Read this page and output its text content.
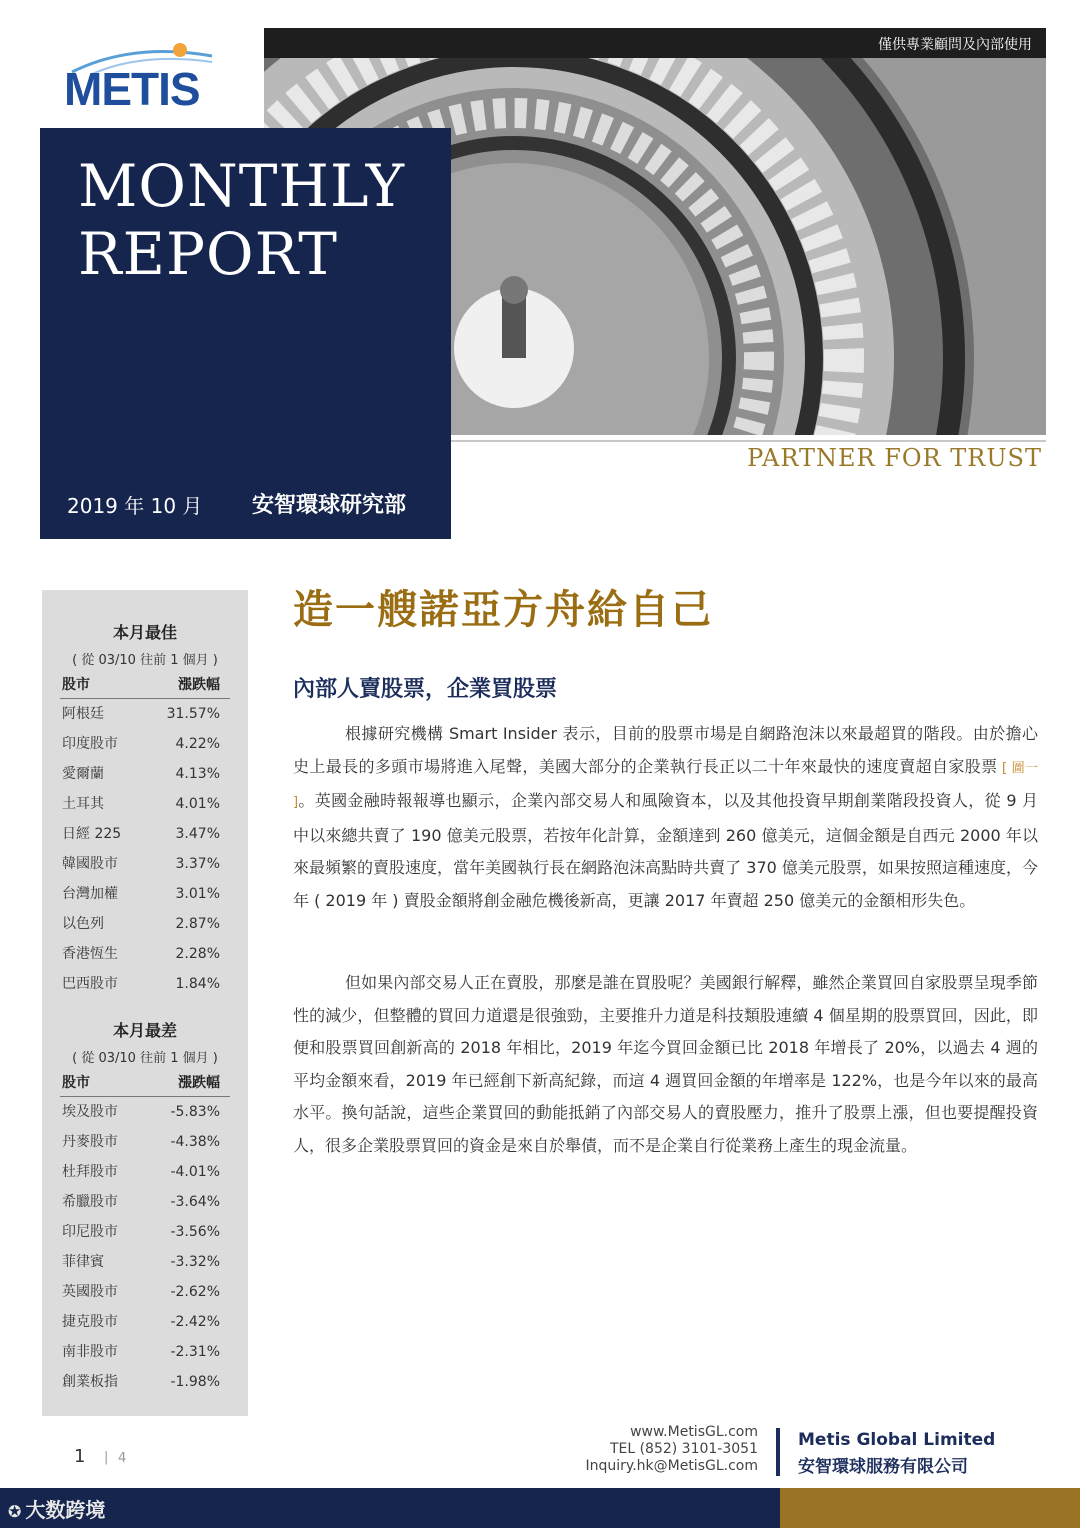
METIS
僅供專業顧問及內部使用
PARTNER FOR TRUST
MONTHLY
REPORT
2019 年 10 月 安智環球研究部
本月最佳
( 從 03/10 往前 1 個月 )
股市	漲跌幅
阿根廷	31.57%
印度股市	4.22%
愛爾蘭	4.13%
土耳其	4.01%
日經 225	3.47%
韓國股市	3.37%
台灣加權	3.01%
以色列	2.87%
香港恆生	2.28%
巴西股市	1.84%
本月最差
( 從 03/10 往前 1 個月 )
股市	漲跌幅
埃及股市	-5.83%
丹麥股市	-4.38%
杜拜股市	-4.01%
希臘股市	-3.64%
印尼股市	-3.56%
菲律賓	-3.32%
英國股市	-2.62%
捷克股市	-2.42%
南非股市	-2.31%
創業板指	-1.98%
造一艘諾亞方舟給自己
內部人賣股票，企業買股票
根據研究機構 Smart Insider 表示，目前的股票市場是自網路泡沫以來最超買的階段。由於擔心史上最長的多頭市場將進入尾聲，美國大部分的企業執行長正以二十年來最快的速度賣超自家股票 [ 圖一 ]。英國金融時報報導也顯示，企業內部交易人和風險資本，以及其他投資早期創業階段投資人，從 9 月中以來總共賣了 190 億美元股票，若按年化計算，金額達到 260 億美元，這個金額是自西元 2000 年以來最頻繁的賣股速度，當年美國執行長在網路泡沫高點時共賣了 370 億美元股票，如果按照這種速度，今年 ( 2019 年 ) 賣股金額將創金融危機後新高，更讓 2017 年賣超 250 億美元的金額相形失色。
但如果內部交易人正在賣股，那麼是誰在買股呢？美國銀行解釋，雖然企業買回自家股票呈現季節性的減少，但整體的買回力道還是很強勁，主要推升力道是科技類股連續 4 個星期的股票買回，因此，即便和股票買回創新高的 2018 年相比，2019 年迄今買回金額已比 2018 年增長了 20%，以過去 4 週的平均金額來看，2019 年已經創下新高紀錄，而這 4 週買回金額的年增率是 122%，也是今年以來的最高水平。換句話說，這些企業買回的動能抵銷了內部交易人的賣股壓力，推升了股票上漲，但也要提醒投資人，很多企業股票買回的資金是來自於舉債，而不是企業自行從業務上產生的現金流量。
1 | 4
www.MetisGL.com
TEL (852) 3101-3051
Inquiry.hk@MetisGL.com
Metis Global Limited
安智環球服務有限公司
✪ 大数跨境
